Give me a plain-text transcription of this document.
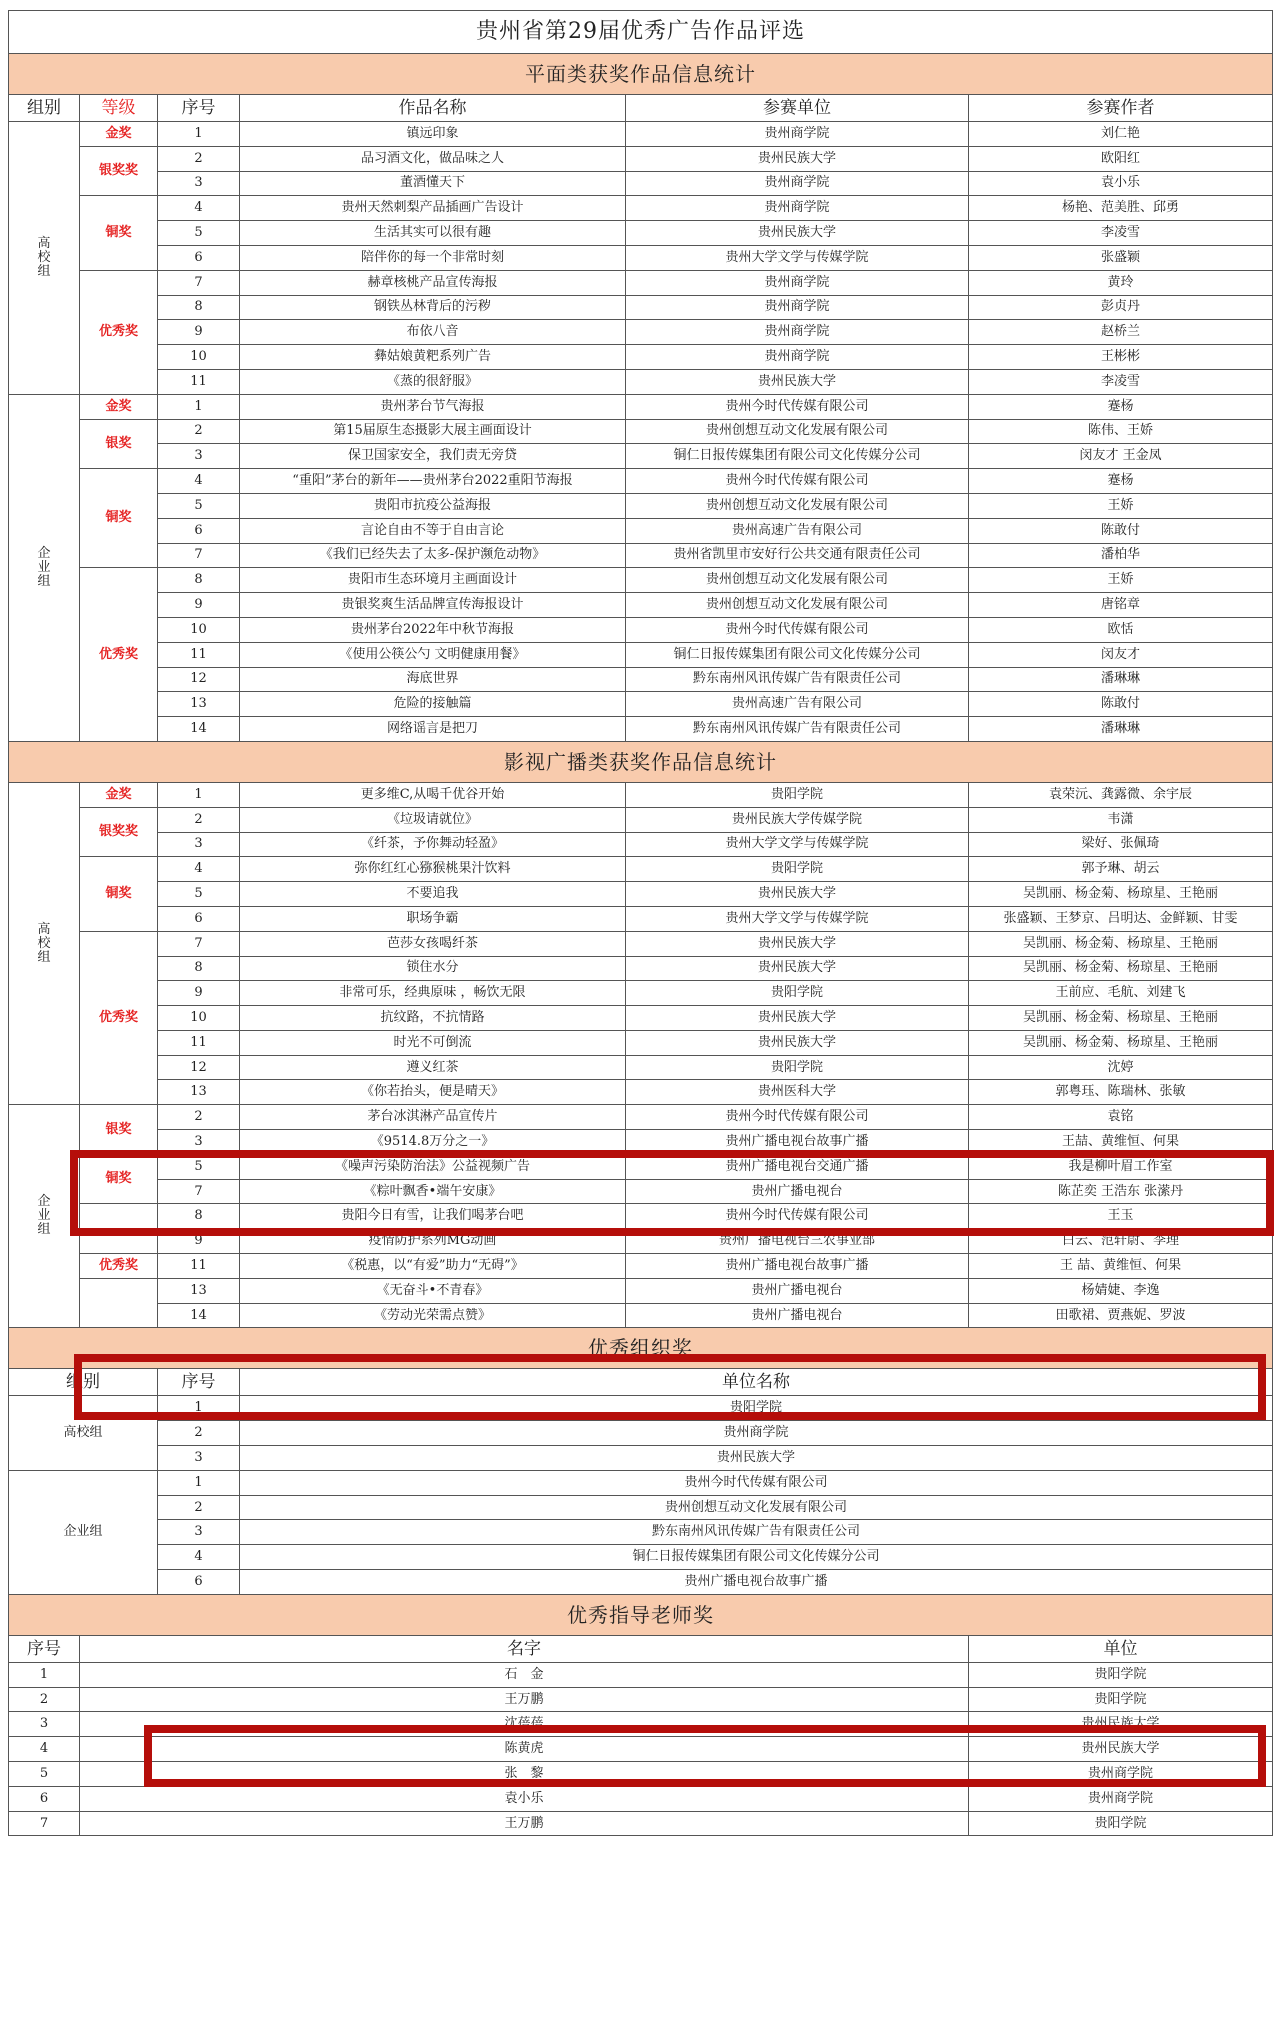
贵州省第29届优秀广告作品评选					
平面类获奖作品信息统计					
组别	等级	序号	作品名称	参赛单位	参赛作者
高
校
组	金奖	1	镇远印象	贵州商学院	刘仁艳
	银奖奖	2	品习酒文化，做品味之人	贵州民族大学	欧阳红
		3	董酒懂天下	贵州商学院	袁小乐
	铜奖	4	贵州天然刺梨产品插画广告设计	贵州商学院	杨艳、范美胜、邱勇
		5	生活其实可以很有趣	贵州民族大学	李凌雪
		6	陪伴你的每一个非常时刻	贵州大学文学与传媒学院	张盛颖
	优秀奖	7	赫章核桃产品宣传海报	贵州商学院	黄玲
		8	钢铁丛林背后的污秽	贵州商学院	彭贞丹
		9	布依八音	贵州商学院	赵桥兰
		10	彝姑娘黄粑系列广告	贵州商学院	王彬彬
		11	《蒸的很舒服》	贵州民族大学	李凌雪
企
业
组	金奖	1	贵州茅台节气海报	贵州今时代传媒有限公司	蹇杨
	银奖	2	第15届原生态摄影大展主画面设计	贵州创想互动文化发展有限公司	陈伟、王娇
		3	保卫国家安全，我们责无旁贷	铜仁日报传媒集团有限公司文化传媒分公司	闵友才 王金凤
	铜奖	4	“重阳”茅台的新年——贵州茅台2022重阳节海报	贵州今时代传媒有限公司	蹇杨
		5	贵阳市抗疫公益海报	贵州创想互动文化发展有限公司	王娇
		6	言论自由不等于自由言论	贵州高速广告有限公司	陈敢付
		7	《我们已经失去了太多-保护濒危动物》	贵州省凯里市安好行公共交通有限责任公司	潘柏华
	优秀奖	8	贵阳市生态环境月主画面设计	贵州创想互动文化发展有限公司	王娇
		9	贵银奖爽生活品牌宣传海报设计	贵州创想互动文化发展有限公司	唐铭章
		10	贵州茅台2022年中秋节海报	贵州今时代传媒有限公司	欧恬
		11	《使用公筷公勺 文明健康用餐》	铜仁日报传媒集团有限公司文化传媒分公司	闵友才
		12	海底世界	黔东南州风讯传媒广告有限责任公司	潘琳琳
		13	危险的接触篇	贵州高速广告有限公司	陈敢付
		14	网络谣言是把刀	黔东南州风讯传媒广告有限责任公司	潘琳琳
影视广播类获奖作品信息统计					
高
校
组	金奖	1	更多维C,从喝千优谷开始	贵阳学院	袁荣沅、龚露微、余宇辰
	银奖奖	2	《垃圾请就位》	贵州民族大学传媒学院	韦潇
		3	《纤茶，予你舞动轻盈》	贵州大学文学与传媒学院	梁好、张佩琦
	铜奖	4	弥你红红心猕猴桃果汁饮料	贵阳学院	郭予琳、胡云
		5	不要追我	贵州民族大学	吴凯丽、杨金菊、杨琼星、王艳丽
		6	职场争霸	贵州大学文学与传媒学院	张盛颖、王梦京、吕明达、金鲜颖、甘雯
	优秀奖	7	芭莎女孩喝纤茶	贵州民族大学	吴凯丽、杨金菊、杨琼星、王艳丽
		8	锁住水分	贵州民族大学	吴凯丽、杨金菊、杨琼星、王艳丽
		9	非常可乐，经典原味 ，畅饮无限	贵阳学院	王前应、毛航、刘建飞
		10	抗纹路，不抗情路	贵州民族大学	吴凯丽、杨金菊、杨琼星、王艳丽
		11	时光不可倒流	贵州民族大学	吴凯丽、杨金菊、杨琼星、王艳丽
		12	遵义红茶	贵阳学院	沈婷
		13	《你若抬头，便是晴天》	贵州医科大学	郭粤珏、陈瑞林、张敏
企
业
组	银奖	2	茅台冰淇淋产品宣传片	贵州今时代传媒有限公司	袁铭
		3	《9514.8万分之一》	贵州广播电视台故事广播	王喆、黄维恒、何果
	铜奖	5	《噪声污染防治法》公益视频广告	贵州广播电视台交通广播	我是柳叶眉工作室
		7	《粽叶飘香•端午安康》	贵州广播电视台	陈芷奕 王浩东 张潆丹
		8	贵阳今日有雪，让我们喝茅台吧	贵州今时代传媒有限公司	王玉
		9	疫情防护系列MG动画	贵州广播电视台三农事业部	白云、范轩尉、李理
	优秀奖	11	《税惠，以“有爱”助力“无碍”》	贵州广播电视台故事广播	王 喆、黄维恒、何果
		13	《无奋斗•不青春》	贵州广播电视台	杨婧婕、李逸
		14	《劳动光荣需点赞》	贵州广播电视台	田歌裙、贾燕妮、罗波
优秀组织奖					
组别		序号	单位名称		
高校组		1	贵阳学院		
		2	贵州商学院		
		3	贵州民族大学		
企业组		1	贵州今时代传媒有限公司		
		2	贵州创想互动文化发展有限公司		
		3	黔东南州风讯传媒广告有限责任公司		
		4	铜仁日报传媒集团有限公司文化传媒分公司		
		6	贵州广播电视台故事广播		
优秀指导老师奖					
序号	名字				单位
1	石　金				贵阳学院
2	王万鹏				贵阳学院
3	沈蓓蓓				贵州民族大学
4	陈黄虎				贵州民族大学
5	张　黎				贵州商学院
6	袁小乐				贵州商学院
7	王万鹏				贵阳学院
